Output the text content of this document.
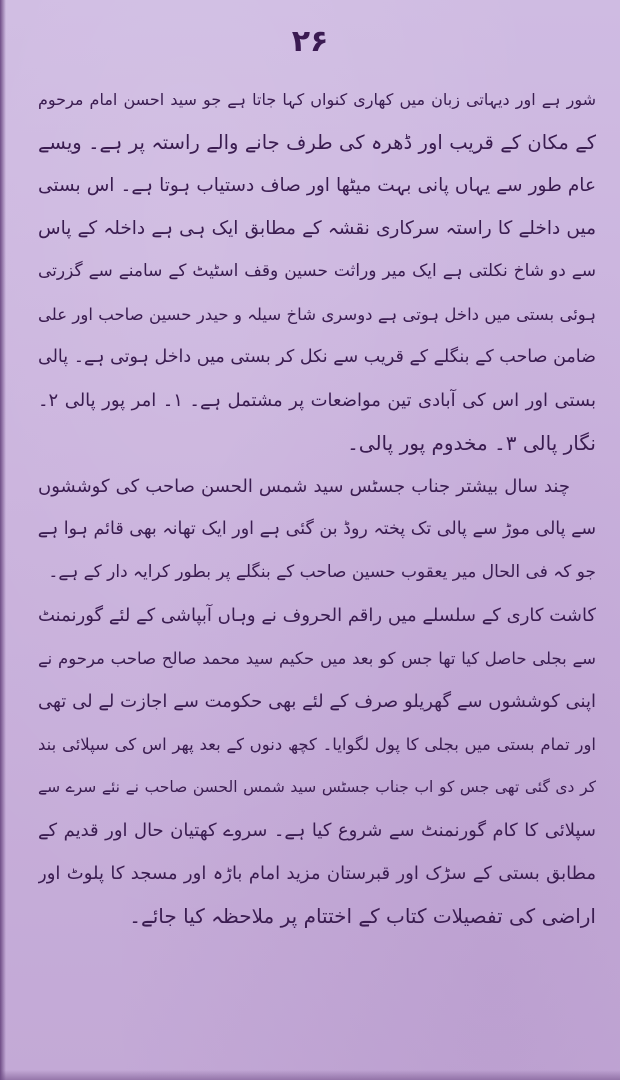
۲۶
شور ہے اور دیہاتی زبان میں کھاری کنواں کہا جاتا ہے جو سید احسن امام مرحوم
کے مکان کے قریب اور ڈھرہ کی طرف جانے والے راستہ پر ہے۔ ویسے
عام طور سے یہاں پانی بہت میٹھا اور صاف دستیاب ہوتا ہے۔ اس بستی
میں داخلے کا راستہ سرکاری نقشہ کے مطابق ایک ہی ہے داخلہ کے پاس
سے دو شاخ نکلتی ہے ایک میر وراثت حسین وقف اسٹیٹ کے سامنے سے گزرتی
ہوئی بستی میں داخل ہوتی ہے دوسری شاخ سیلہ و حیدر حسین صاحب اور علی
ضامن صاحب کے بنگلے کے قریب سے نکل کر بستی میں داخل ہوتی ہے۔ پالی
بستی اور اس کی آبادی تین مواضعات پر مشتمل ہے۔ ۱۔ امر پور پالی ۲۔
نگار پالی ۳۔ مخدوم پور پالی۔
چند سال بیشتر جناب جسٹس سید شمس الحسن صاحب کی کوششوں
سے پالی موڑ سے پالی تک پختہ روڈ بن گئی ہے اور ایک تھانہ بھی قائم ہوا ہے
جو کہ فی الحال میر یعقوب حسین صاحب کے بنگلے پر بطور کرایہ دار کے ہے۔
کاشت کاری کے سلسلے میں راقم الحروف نے وہاں آبپاشی کے لئے گورنمنٹ
سے بجلی حاصل کیا تھا جس کو بعد میں حکیم سید محمد صالح صاحب مرحوم نے
اپنی کوششوں سے گھریلو صرف کے لئے بھی حکومت سے اجازت لے لی تھی
اور تمام بستی میں بجلی کا پول لگوایا۔ کچھ دنوں کے بعد پھر اس کی سپلائی بند
کر دی گئی تھی جس کو اب جناب جسٹس سید شمس الحسن صاحب نے نئے سرے سے
سپلائی کا کام گورنمنٹ سے شروع کیا ہے۔ سروے کھتیان حال اور قدیم کے
مطابق بستی کے سڑک اور قبرستان مزید امام باڑہ اور مسجد کا پلوٹ اور
اراضی کی تفصیلات کتاب کے اختتام پر ملاحظہ کیا جائے۔
